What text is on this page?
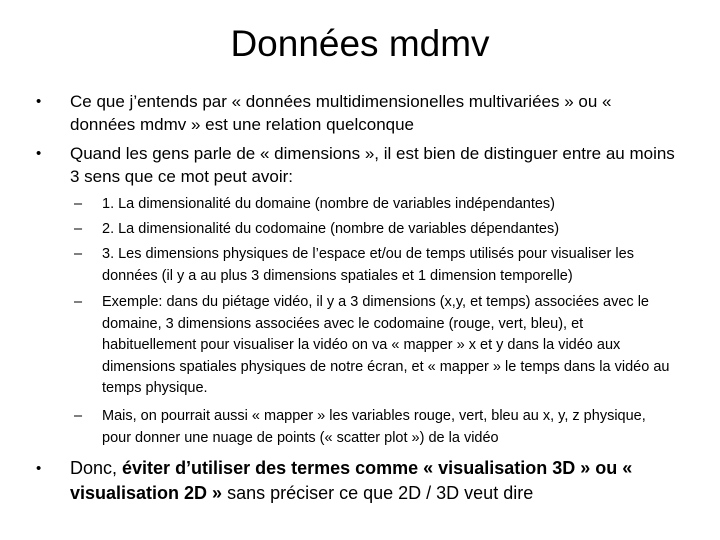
Données mdmv
• Ce que j’entends par « données multidimensionelles multivariées » ou « données mdmv » est une relation quelconque
• Quand les gens parle de « dimensions », il est bien de distinguer entre au moins 3 sens que ce mot peut avoir:
– 1. La dimensionalité du domaine (nombre de variables indépendantes)
– 2. La dimensionalité du codomaine (nombre de variables dépendantes)
– 3. Les dimensions physiques de l’espace et/ou de temps utilisés pour visualiser les données (il y a au plus 3 dimensions spatiales et 1 dimension temporelle)
– Exemple: dans du piétage vidéo, il y a 3 dimensions (x,y, et temps) associées avec le domaine, 3 dimensions associées avec le codomaine (rouge, vert, bleu), et habituellement pour visualiser la vidéo on va « mapper » x et y dans la vidéo aux dimensions spatiales physiques de notre écran, et « mapper » le temps dans la vidéo au temps physique.
– Mais, on pourrait aussi « mapper » les variables rouge, vert, bleu au x, y, z physique, pour donner une nuage de points (« scatter plot ») de la vidéo
• Donc, éviter d’utiliser des termes comme « visualisation 3D » ou « visualisation 2D » sans préciser ce que 2D / 3D veut dire
